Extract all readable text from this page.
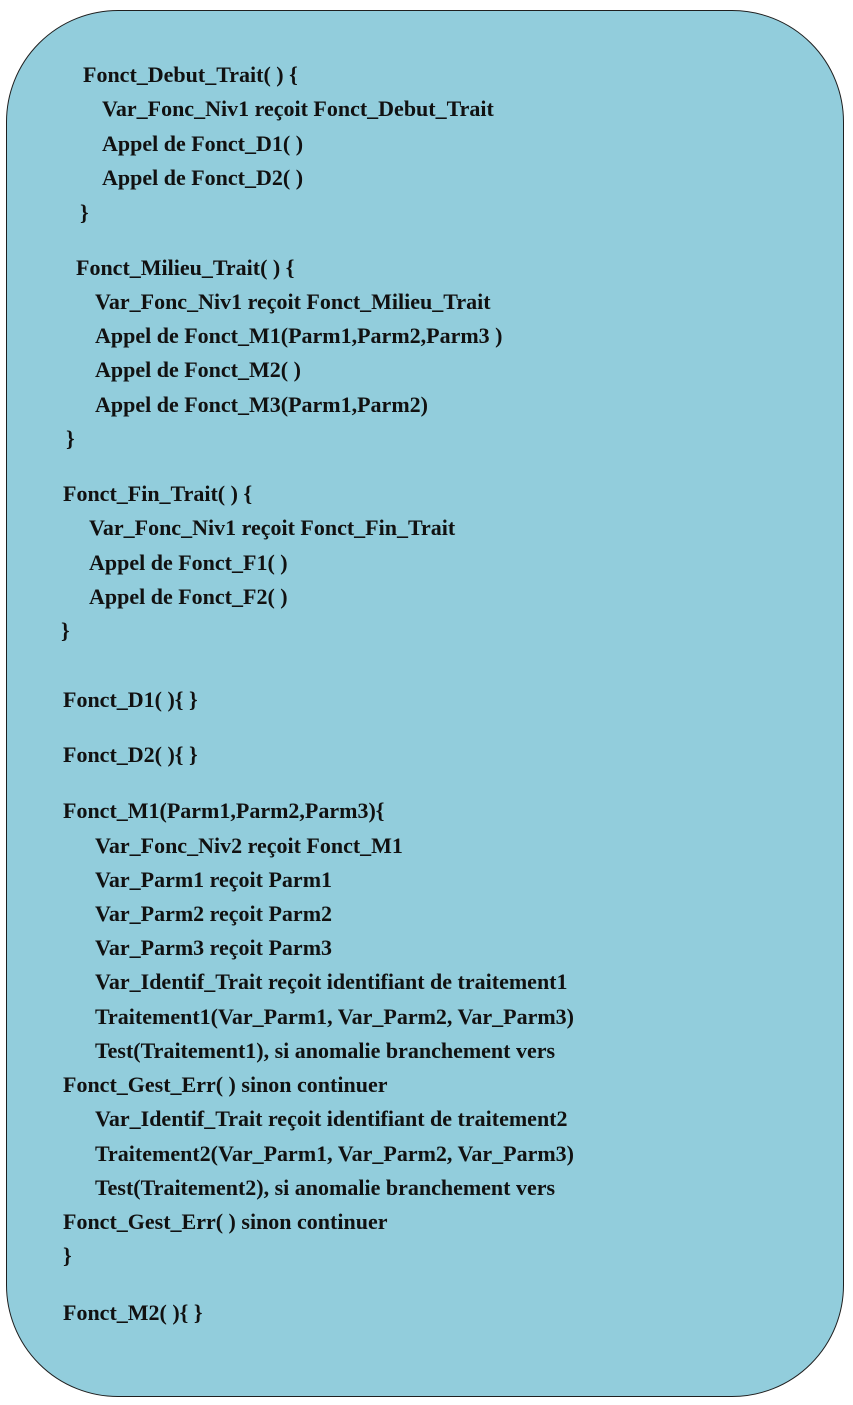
Fonct_Debut_Trait( ) {
Var_Fonc_Niv1 reçoit Fonct_Debut_Trait
Appel de Fonct_D1( )
Appel de Fonct_D2( )
}
Fonct_Milieu_Trait( ) {
Var_Fonc_Niv1 reçoit Fonct_Milieu_Trait
Appel de Fonct_M1(Parm1,Parm2,Parm3 )
Appel de Fonct_M2( )
Appel de Fonct_M3(Parm1,Parm2)
}
Fonct_Fin_Trait( ) {
Var_Fonc_Niv1 reçoit Fonct_Fin_Trait
Appel de Fonct_F1( )
Appel de Fonct_F2( )
}
Fonct_D1( ){ }
Fonct_D2( ){ }
Fonct_M1(Parm1,Parm2,Parm3){
Var_Fonc_Niv2 reçoit Fonct_M1
Var_Parm1 reçoit Parm1
Var_Parm2 reçoit Parm2
Var_Parm3 reçoit Parm3
Var_Identif_Trait reçoit identifiant de traitement1
Traitement1(Var_Parm1, Var_Parm2, Var_Parm3)
Test(Traitement1), si anomalie branchement vers
Fonct_Gest_Err( ) sinon continuer
Var_Identif_Trait reçoit identifiant de traitement2
Traitement2(Var_Parm1, Var_Parm2, Var_Parm3)
Test(Traitement2), si anomalie branchement vers
Fonct_Gest_Err( ) sinon continuer
}
Fonct_M2( ){ }
